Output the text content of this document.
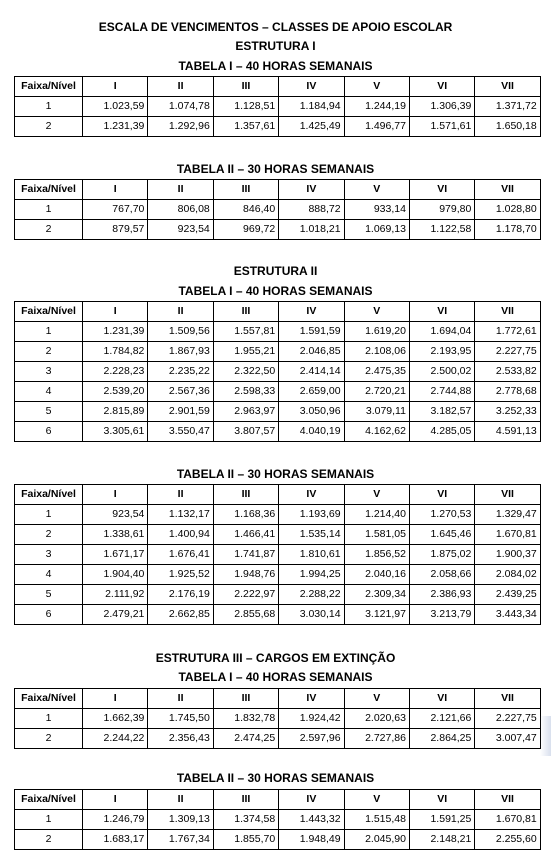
ESCALA DE VENCIMENTOS – CLASSES DE APOIO ESCOLAR
ESTRUTURA I
TABELA I – 40 HORAS SEMANAIS
Faixa/Nível	I	II	III	IV	V	VI	VII
1	1.023,59	1.074,78	1.128,51	1.184,94	1.244,19	1.306,39	1.371,72
2	1.231,39	1.292,96	1.357,61	1.425,49	1.496,77	1.571,61	1.650,18
TABELA II – 30 HORAS SEMANAIS
Faixa/Nível	I	II	III	IV	V	VI	VII
1	767,70	806,08	846,40	888,72	933,14	979,80	1.028,80
2	879,57	923,54	969,72	1.018,21	1.069,13	1.122,58	1.178,70
ESTRUTURA II
TABELA I – 40 HORAS SEMANAIS
Faixa/Nível	I	II	III	IV	V	VI	VII
1	1.231,39	1.509,56	1.557,81	1.591,59	1.619,20	1.694,04	1.772,61
2	1.784,82	1.867,93	1.955,21	2.046,85	2.108,06	2.193,95	2.227,75
3	2.228,23	2.235,22	2.322,50	2.414,14	2.475,35	2.500,02	2.533,82
4	2.539,20	2.567,36	2.598,33	2.659,00	2.720,21	2.744,88	2.778,68
5	2.815,89	2.901,59	2.963,97	3.050,96	3.079,11	3.182,57	3.252,33
6	3.305,61	3.550,47	3.807,57	4.040,19	4.162,62	4.285,05	4.591,13
TABELA II – 30 HORAS SEMANAIS
Faixa/Nível	I	II	III	IV	V	VI	VII
1	923,54	1.132,17	1.168,36	1.193,69	1.214,40	1.270,53	1.329,47
2	1.338,61	1.400,94	1.466,41	1.535,14	1.581,05	1.645,46	1.670,81
3	1.671,17	1.676,41	1.741,87	1.810,61	1.856,52	1.875,02	1.900,37
4	1.904,40	1.925,52	1.948,76	1.994,25	2.040,16	2.058,66	2.084,02
5	2.111,92	2.176,19	2.222,97	2.288,22	2.309,34	2.386,93	2.439,25
6	2.479,21	2.662,85	2.855,68	3.030,14	3.121,97	3.213,79	3.443,34
ESTRUTURA III – CARGOS EM EXTINÇÃO
TABELA I – 40 HORAS SEMANAIS
Faixa/Nível	I	II	III	IV	V	VI	VII
1	1.662,39	1.745,50	1.832,78	1.924,42	2.020,63	2.121,66	2.227,75
2	2.244,22	2.356,43	2.474,25	2.597,96	2.727,86	2.864,25	3.007,47
TABELA II – 30 HORAS SEMANAIS
Faixa/Nível	I	II	III	IV	V	VI	VII
1	1.246,79	1.309,13	1.374,58	1.443,32	1.515,48	1.591,25	1.670,81
2	1.683,17	1.767,34	1.855,70	1.948,49	2.045,90	2.148,21	2.255,60
